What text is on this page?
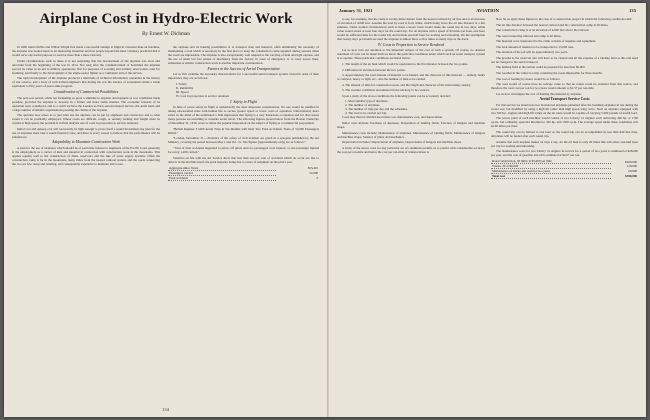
Airplane Cost in Hydro-Electric Work
By Ernest W. Dichman

In 1909 when Orville and Wilbur Wright first made a successful attempt at flight in a heavier-than-air machine, the airplane was looked upon as an interesting invention and few people beyond the most visionary predicted that it would serve any useful purpose or soon be more than a mere curiosity.

Under circumstances such as these it is not surprising that the development of the airplane was slow and uncertain from the beginning of the war in 1914. Not long after the commencement of hostilities the airplane proved its value as an aid to military operations; first for purposes of scouting and artillery observation, later for bombing, and finally to the development of the single-seater fighter as a combatant arm of the service.

The rapid development of the airplane produced a multitude of technical information, expanded in the history of war science, and a body of well trained engineers that during the war the science of aeronautics made a stride equivalent to fifty years of peace-time progress.

Consideration of Commercial Possibilities

The post-war period, while not furnishing so great a stimulus to airplane development as war conditions made possible, provided the airplane to develop in a firmer and more stable manner. The economic features of its operation were considered, and as a result we have the London-to-Paris aerial transport service, the aerial mail, and a large number of smaller organizations pressing the claims of the airplane.

The question now arises as to just what use the airplane can be put by engineers and contractors and to what extent it can be profitably employed. Where roads are difficult, rough, or entirely lacking and freight must be carried at high speed, the problem is in final analysis one of costs in proportion to service rendered.

Initial cost and upkeep cost will necessarily be high enough to prove itself a sound investment any plan for the use of airplanes must take a sound financial view, and there is every reason to believe that the performance will be satisfactory.

Adaptability to Mountain Construction Work

A plan for the use of airplanes which should be of particular interest to engineers of the Pacific Coast generally is the employment as a carrier of men and material in connection with construction work in the mountains. This applies equally well to the construction of dams, reservoirs and the like of water supply systems. Often the construction camp is far in the mountains, many miles from the nearest railroad station, and the roads connecting the two are few, steep and winding, and consequently expensive to maintain and to use.

the airplane and its hauling possibilities is to transport men and material, often eliminating the necessity of maintaining a road which is necessary in the first place to keep the construction camp supplied during seasons when the roads are impassable. The airplane is also exceptionally well adapted to the carrying of mail and light express, and the use of small but fast planes of machinery from the factory in cases of emergency or to carry power lines, substation or similar construction work is another important consideration.

Factors in the Success of Aerial Transportation

Let us first examine the necessary characteristics for a successful aerial transport system. Listed in order of their importance they are as follows:

I. Safety

II. Reliability

III. Speed

IV. Cost in proportion to service rendered

I. Safety in Flight

In time of peace safety in flight is undoubtedly the most important consideration. No one would be justified in taking unwarranted risks with human life to secure greater speed or lower costs of operation. Unfortunately there exists in the mind of the uninitiated a firm impression that flying is a very hazardous occupation and for that reason many persons are unwilling to consider aerial travel. The following figures quoted below from the Boston Transcript of December 31, 1919, serve to refute the popular impression on the subject of flying as a commercial proposition:

"British Register 31,000 Aerial Trips in Six Months with Only Two Fatal Accidents. None of 52,000 Passengers Killed."

"London, December 31.—Statistics of the safety of civil aviation are given in a synopsis published by the Air Ministry, covering the period between May 1 and Oct. 31. The figures (approximately only) are as follows:"

"Total of fatal accidents happened to pilots. Of pilots and two passengers were injured, or one passenger injured for every 1,200 carried."

Statistics on file with the Air Service show that less than one per cent of accidents which do occur are due to defects in the machine itself, the great majority being due to errors of judgment on the pilot's part.

Aggregate miles flown	303,410
Passengers carried	52,000
Fatal accidents	2
134
January 31, 1921	AVIATION	135

to say, for example, that the camp is twenty miles distant from the nearest railroad by air line and at an increase of elevation of 4,000 feet. Assume the load by road is forty miles, which being twice the air line distance is a fair estimate. Under normal circumstances such as these a motor truck would make the round trip in two days, while value would return at least four days for the round trip. For an airplane with a speed of 90 miles per hour, one hour would be sufficient time for the round trip and include one-half hour for loading and unloading. On the assumption that twenty days per month are used the airplane is almost three to five times as many trips as the truck.

IV. Costs in Proportion to Service Rendered

Let us now turn our attention to the important subject of the cost of such a system. Of course, no detailed statement of costs can be made until we know the particular conditions under which such an aerial transport system is to operate. These particular conditions are listed below:

1. The length of the air haul which would be equivalent to the flat distance between the two points.

2. Difference in elevation between the two points.

3. Approximately the total amount of material to be hauled, and the character of this material — namely, bulky or compact, heavy or light, etc., also the number of men to be carried.

4. The amount of time for construction work, and the length and character of the intervening country.

5. The weather conditions encountered in the territory to be covered.

Upon a study of the above conditions the following points can be accurately decided:

1. Most suitable type of airplanes.

2. The number of airplanes.

3. The number of trips per day and the schedules.

4. The load to be carried per trip.

Costs may then be divided into initial cost, maintenance cost, and depreciation.

Initial costs include: Purchase of airplanes, Preparation of landing fields, Erection of hangars and machine shops.

Maintenance costs include: Maintenance of airplanes, Maintenance of landing fields, Maintenance of hangars and machine shops, Salaries of pilots and mechanics.

Depreciation includes: Depreciation of airplanes, Depreciation of hangars and machine shops.

A study of the above costs for any particular set of conditions permits us to predict with considerable accuracy the cost per ton-mile and hence the cost per ton-mile of transportation to

Now let us apply these figures to the case of a construction project in which the following conditions exist:

The air line distance between the nearest railroad and the construction camp is 20 miles.

The construction camp is at an elevation of 4,000 feet above the railroad.

The road connecting railroad and camp is 40 miles.

The material to be transported to the camp consists of supplies and equipment.

The total amount of material to be transported is 15,000 tons.

The duration of the job will be approximately two years.

The ground at the reservoir site will have to be cleared and all the expense of a landing field at this end need not be charged to the aerial transport.

The landing field at the station could be prepared for less than $6,000.

The weather in the winter is rainy, rendering the roads impassable for three months.

The cost of hauling by motor would be as follows:

The road would of course have no salvage value so that no return could be obtained from that source, and therefore the total cost per ton for two years would amount to $1.57 per ton-mile.

Let us now investigate the cost of hauling this material by airplane.

Aerial Transport Service Costs

For this service we should use two bi-motored airplanes patterned after the bombing airplanes in use during the recent war, but modified by using a high lift rather than high speed wing curve. Such an airplane equipped with two 300 h.p. engines and high lift wings on the air route would be capable of carrying 5,000 pounds of useful load.

The power plant of each machine would consist of two Liberty 12 engines each delivering 400 hp. at 1700 r.p.m., but ordinarily operated throttled to 330 hp. and 1500 r.p.m. The average speed under these conditions will be 90 miles per hour.

The round trip can be limited to one hour so the round trip can be accomplished in less than half that time. Airplanes will be fueled after each round trip.

Assume that each airplane makes 16 trips a day. As the air haul is only 20 miles this will allow one-half hour per trip for loading and unloading.

The maintenance costs for two Liberty 12 engines in service for a period of two years is estimated at $28,600 per year, and the cost of gasoline and oil is estimated at $2.07 per ton.

Road construction, 40 miles at $5,000 per mile	$200,000
Trucks, 20 at $6,000	120,000
Maintenance of trucks and road for two years	60,000
Total cost	$380,000
